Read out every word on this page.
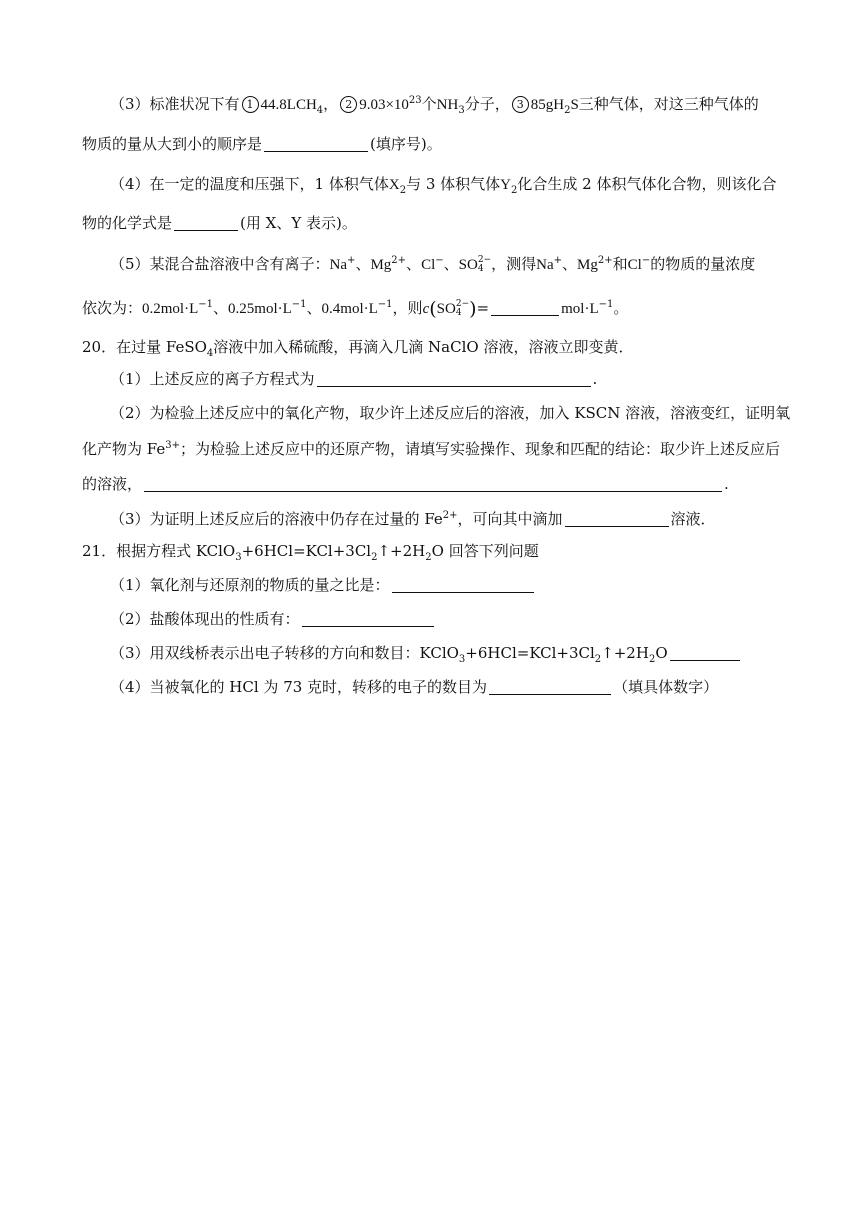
（3）标准状况下有 1 $44.8LCH_4$， 2 $9.03\times 10^{23}$个$NH_3$分子， 3 $85gH_2S$三种气体，对这三种气体的
物质的量从大到小的顺序是	(填序号)。
（4）在一定的温度和压强下，1 体积气体$X_2$与 3 体积气体$Y_2$化合生成 2 体积气体化合物，则该化合
物的化学式是	(用 X、Y 表示)。
（5）某混合盐溶液中含有离子：Na+、$Mg^{2+}$、Cl−、SO 2−
4 ，测得Na+、$Mg^{2+}$和Cl−的物质的量浓度
依次为：$0.2mol\cdot L^{-1}$、$0.25mol\cdot L^{-1}$、$0.4mol\cdot L^{-1}$，则c(SO 2−
4 )=	$mol\cdot L^{-1}$。
20．在过量 FeSO$_4$溶液中加入稀硫酸，再滴入几滴 NaClO 溶液，溶液立即变黄．
（1）上述反应的离子方程式为	.
（2）为检验上述反应中的氧化产物，取少许上述反应后的溶液，加入 KSCN 溶液，溶液变红，证明氧
化产物为 $Fe^{3+}$；为检验上述反应中的还原产物，请填写实验操作、现象和匹配的结论：取少许上述反应后
的溶液，	.
（3）为证明上述反应后的溶液中仍存在过量的 $Fe^{2+}$，可向其中滴加	溶液．
21．根据方程式 $KClO_3+6HCl=KCl+3Cl_2↑+2H_2O$ 回答下列问题
（1）氧化剂与还原剂的物质的量之比是：
（2）盐酸体现出的性质有：
（3）用双线桥表示出电子转移的方向和数目：$KClO_3+6HCl=KCl+3Cl_2↑+2H_2O$
（4）当被氧化的 HCl 为 73 克时，转移的电子的数目为	（填具体数字）
